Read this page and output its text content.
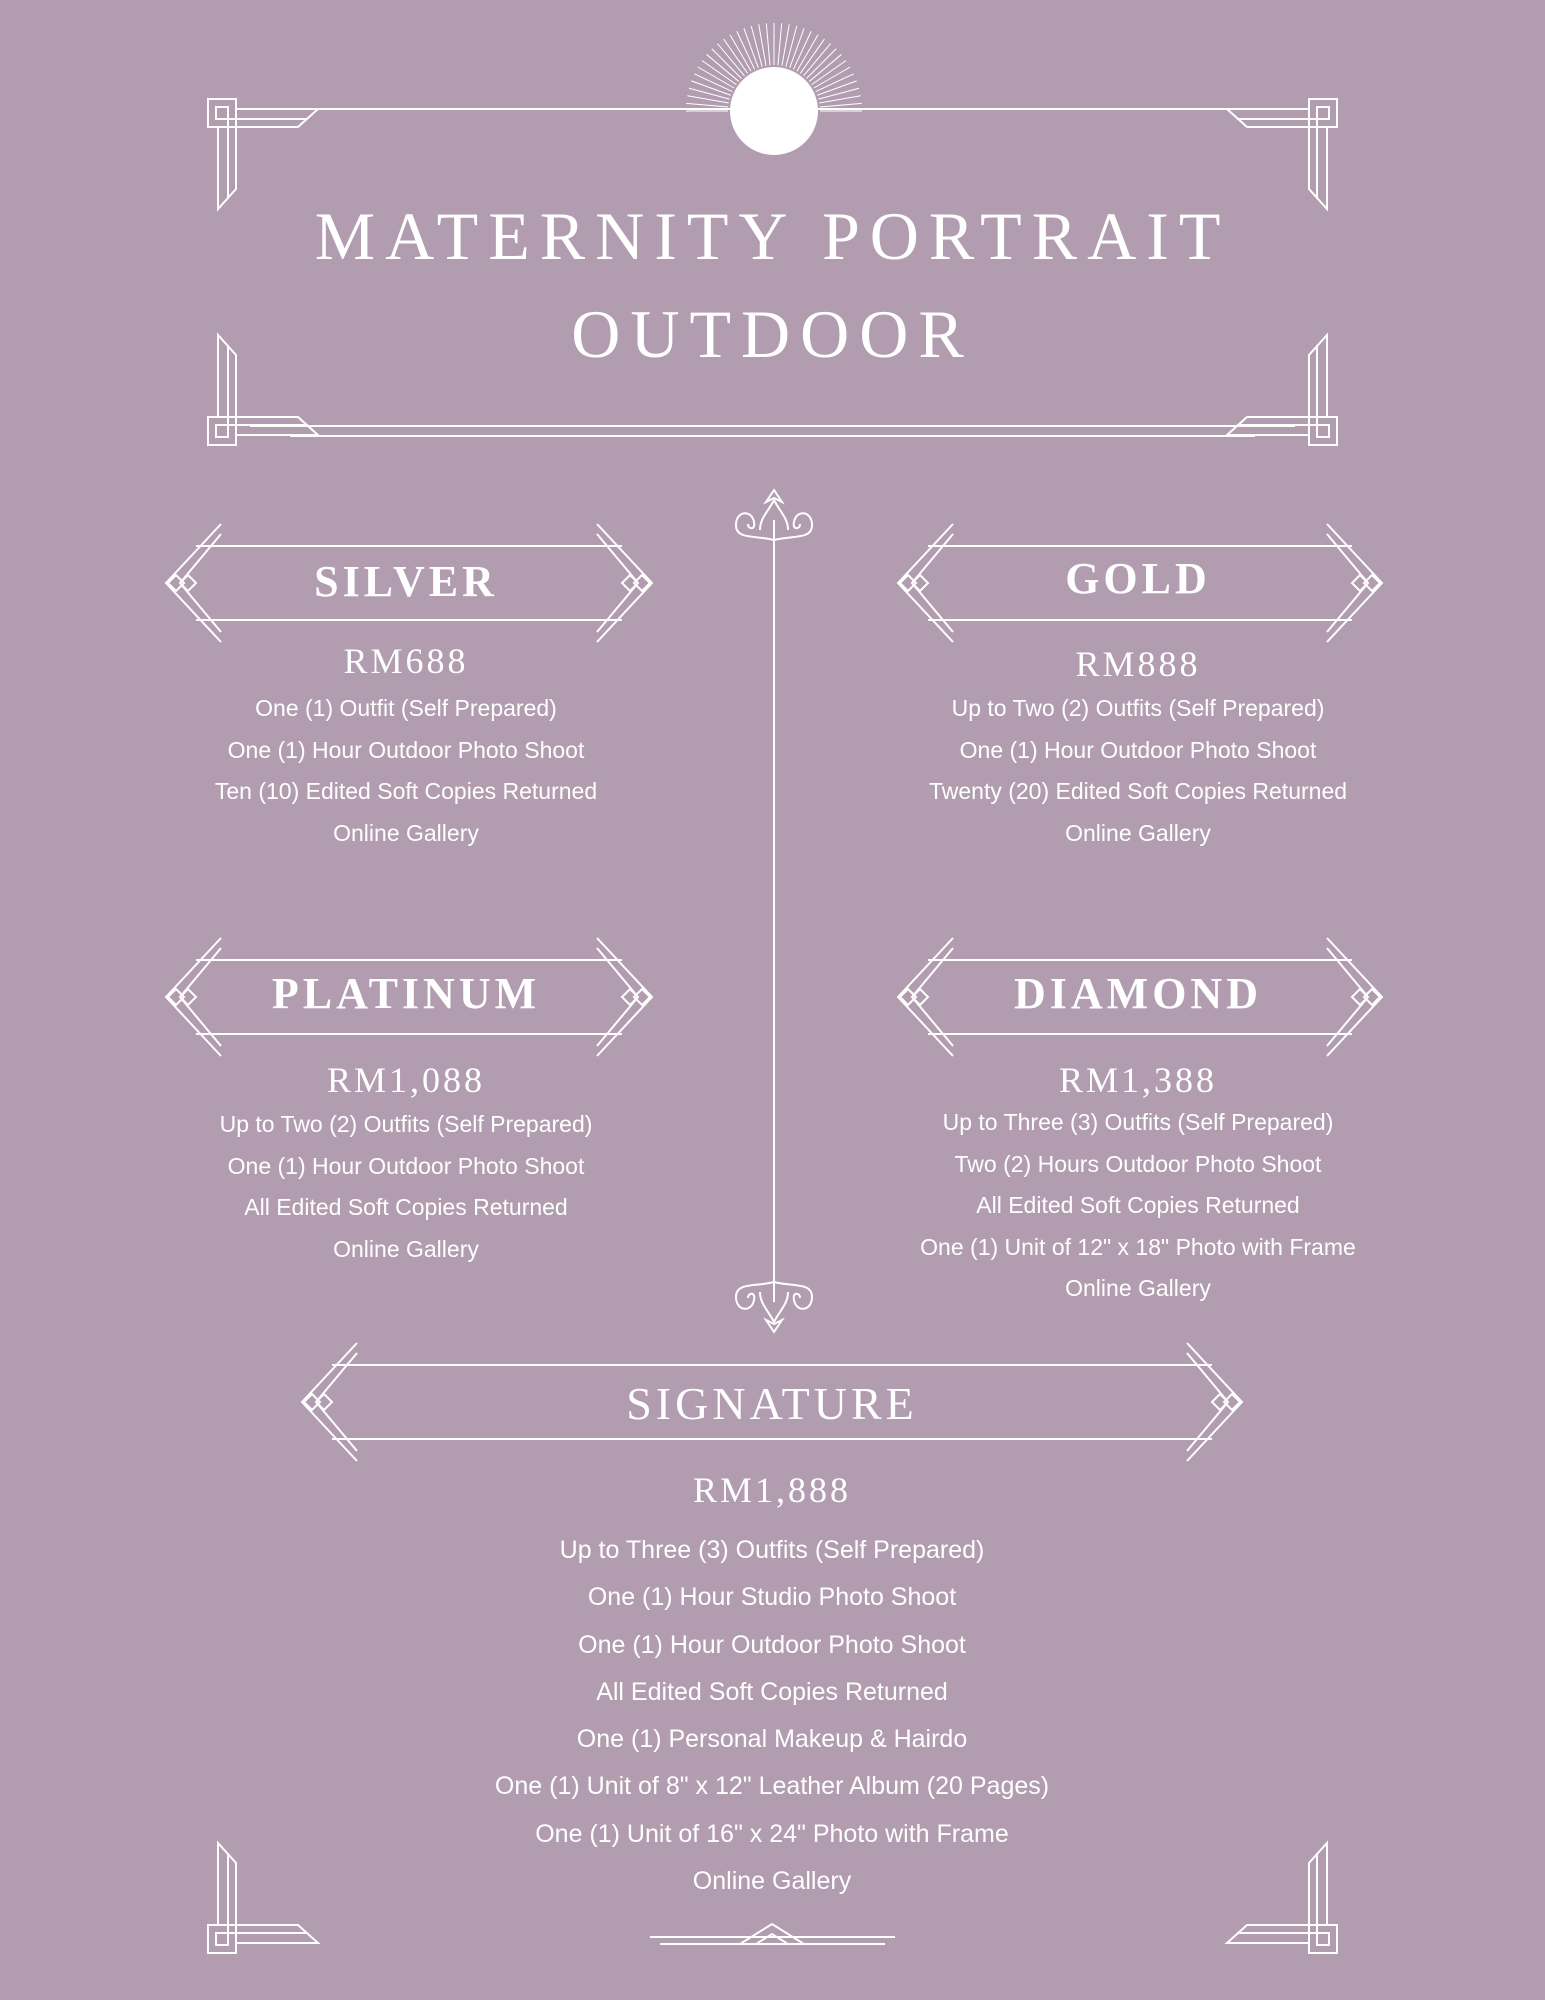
MATERNITY PORTRAIT
OUTDOOR
SILVER
RM688
One (1) Outfit (Self Prepared)
One (1) Hour Outdoor Photo Shoot
Ten (10) Edited Soft Copies Returned
Online Gallery
GOLD
RM888
Up to Two (2) Outfits (Self Prepared)
One (1) Hour Outdoor Photo Shoot
Twenty (20) Edited Soft Copies Returned
Online Gallery
PLATINUM
RM1,088
Up to Two (2) Outfits (Self Prepared)
One (1) Hour Outdoor Photo Shoot
All Edited Soft Copies Returned
Online Gallery
DIAMOND
RM1,388
Up to Three (3) Outfits (Self Prepared)
Two (2) Hours Outdoor Photo Shoot
All Edited Soft Copies Returned
One (1) Unit of 12" x 18" Photo with Frame
Online Gallery
SIGNATURE
RM1,888
Up to Three (3) Outfits (Self Prepared)
One (1) Hour Studio Photo Shoot
One (1) Hour Outdoor Photo Shoot
All Edited Soft Copies Returned
One (1) Personal Makeup & Hairdo
One (1) Unit of 8" x 12" Leather Album (20 Pages)
One (1) Unit of 16" x 24" Photo with Frame
Online Gallery
